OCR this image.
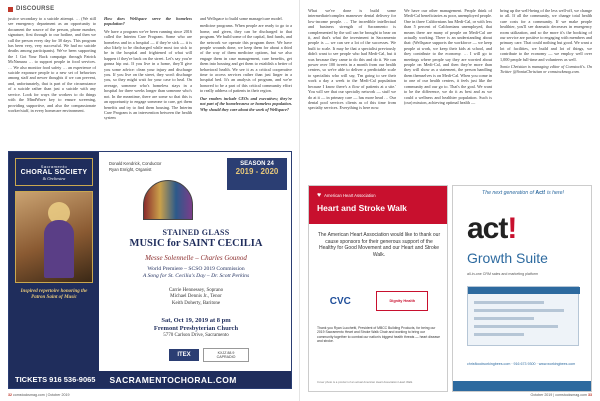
DISCOURSE

justice secondary to a suicide attempt. … (We still see emergency department as an opportunity to document the source of the person, phone number, signature, first through to our hotline, and then we call the person every day for 30 days. This program has been very, very successful. We had no suicide deaths among participants). We've been supporting the 1 Got Your Back campaign through Patrick McNamara … to support people in food services. … We also monitor food safety … an experience of suicide exposure people to a new set of behaviors among staff and newer thoughts if we can prevent, and, unfortunately, that is part of the circumstance of a suicide rather than just a suicide with any service. Look for ways the workers to do things with the MindWave key to ensure screening, providing supportive, and also the compassionate worker/staff, in every homecare environment.

How does Wellspace serve the homeless population?

We have a program we've been running since 2016 called the Interim Care Program. Some who are homeless and in a hospital — if they're sick — it is also likely to be discharged while most too sick to be in the hospital and frightened of what will happen if they're back on the street. Let's say you're gonna hip out. If you live in a home, they'll give you some advice: clean your injury and discharge you. If you live on the street, they won't discharge you, so they might wait for your case to heal. On average, someone who's homeless stays in a hospital for three weeks longer than someone who's not. In the meantime, there are some so that this is an opportunity to engage someone to care, get them benefits and try to find them housing. The Interim Care Program is an intervention between the health system

and Wellspace to build some manage/care model.

medicine programs. When people are ready to go to a home, and given, they can be discharged to that program. We build some of the capital, find funds, and the network we operate this program there. We have people wounds done, we keep them for about a third of the way of them medicine options, but we also engage them in case management, care benefits, get them into housing and get them to establish a better of behavioral health. We see it as a critical cooperative time to access services rather than just linger in a hospital bed. It's an analysis of program, and we're honored to be a part of this critical community effort to really address of patients in their region.

Our readers include CEOs and executives; they're not part of the homelessness or homeless population. Why should they care about the work of Wellspace?

Sacramento
CHORAL SOCIETY
& Orchestra
Inspired repertoire honoring the Patron Saint of Music
Donald Kendrick, Conductor
Ryan Enright, Organist
SEASON 24
2019 - 2020
STAINED GLASS
MUSIC for SAINT CECILIA
Messe Solennelle – Charles Gounod
World Premiere – SCSO 2019 Commission
A Song for St. Cecilia's Day – Dr. Scott Perkins
Carrie Hennessey, Soprano
Michael Dennis Jr., Tenor
Keith Doherty, Baritone
Sat, Oct 19, 2019 at 8 pm
Fremont Presbyterian Church
5770 Carlson Drive, Sacramento
ITEX	KXJZ 88.9
CAPRADIO
TICKETS 916 536-9065 SACRAMENTOCHORAL.COM
32 comstocksmag.com | October 2019

What we've done is build some intermediate/complex maneuver dental delivery for low-income people. … The incredible intellectual and business strength of Sacramento is complemented by the soil can be brought to bear on it, and that's what the investment in Sacramento people is — we can see a lot of the successes. We built to scale. It may be that a specialist previously didn't want to see people who had Medi-Cal, but it was because they came to do this and do it. We can power over 100 tweets in a month from our health centers, so we're able to deliver a predictable scale to specialists who will say, 'I'm going to see their work a day a week to the Medi-Cal population because I know there's a flow of patients at a site.' You will see that our specialty network — stuff we do at it — in primary care — has more head … Our dental pool services clients as of this time from specialty services. Everything is here now.

We have our other management. People think of Medi-Cal beneficiaries as poor, unemployed people. One in three Californians has Medi-Cal, or with less than 5 percent of Californians unemployed, that means there are many of people on Medi-Cal are actually working. There is an understanding about that: (Wellspace supports the workforce — we keep people at work, we keep their kids at school, and they contribute to the economy. … I will go to meetings where people say they are worried about people on Medi-Cal, and then they're more than they will show as a statement, the person handling them themselves is on Medi-Cal. When you come in to one of our health centers, it feels just like the community and our go to. That's the goal. We want to be the difference, we do it as best and as we could a wellness and healthier population. Such is (our) mission, achieving optimal health —

bring up the well-being of the less well-off, we change to all. If all the community, we change total health care costs for a community. If we make people healthier, you'll see dramatic decreases in emergency room utilization, and so the more it's the booking of our service are positive to engaging with members and primary care. That could nothing but good. We want a lot of facilities, we build and lot of things, we contribute to the economy — we employ well over 1,000 people full-time and volunteers as well.

Sonia Christian is managing editor of Comstock's. On Twitter @SoniaChristian or comstockmag.com.

♥ American Heart Association
Heart and Stroke Walk
The American Heart Association would like to thank our cause sponsors for their generous support of the Healthy for Good Movement and our Heart and Stroke Walk.
CVC	Dignity Health
Thank you Ryan Lucchetti, President of MBCC Building Products, for being our 2019 Sacramento Heart and Stroke Walk Chair and working to bring our community together to combat our nation's biggest health threats — heart disease and stroke.
Cover photo is a product of an actual American Heart Association Heart Walk.
The next generation of
Act!
is here!
act!
Growth Suite
all-in-one CRM sales and marketing platform
chrisfloodworkingbees.com · 916 673 9300 · www.workingbees.com
October 2019 | comstocksmag.com 33
